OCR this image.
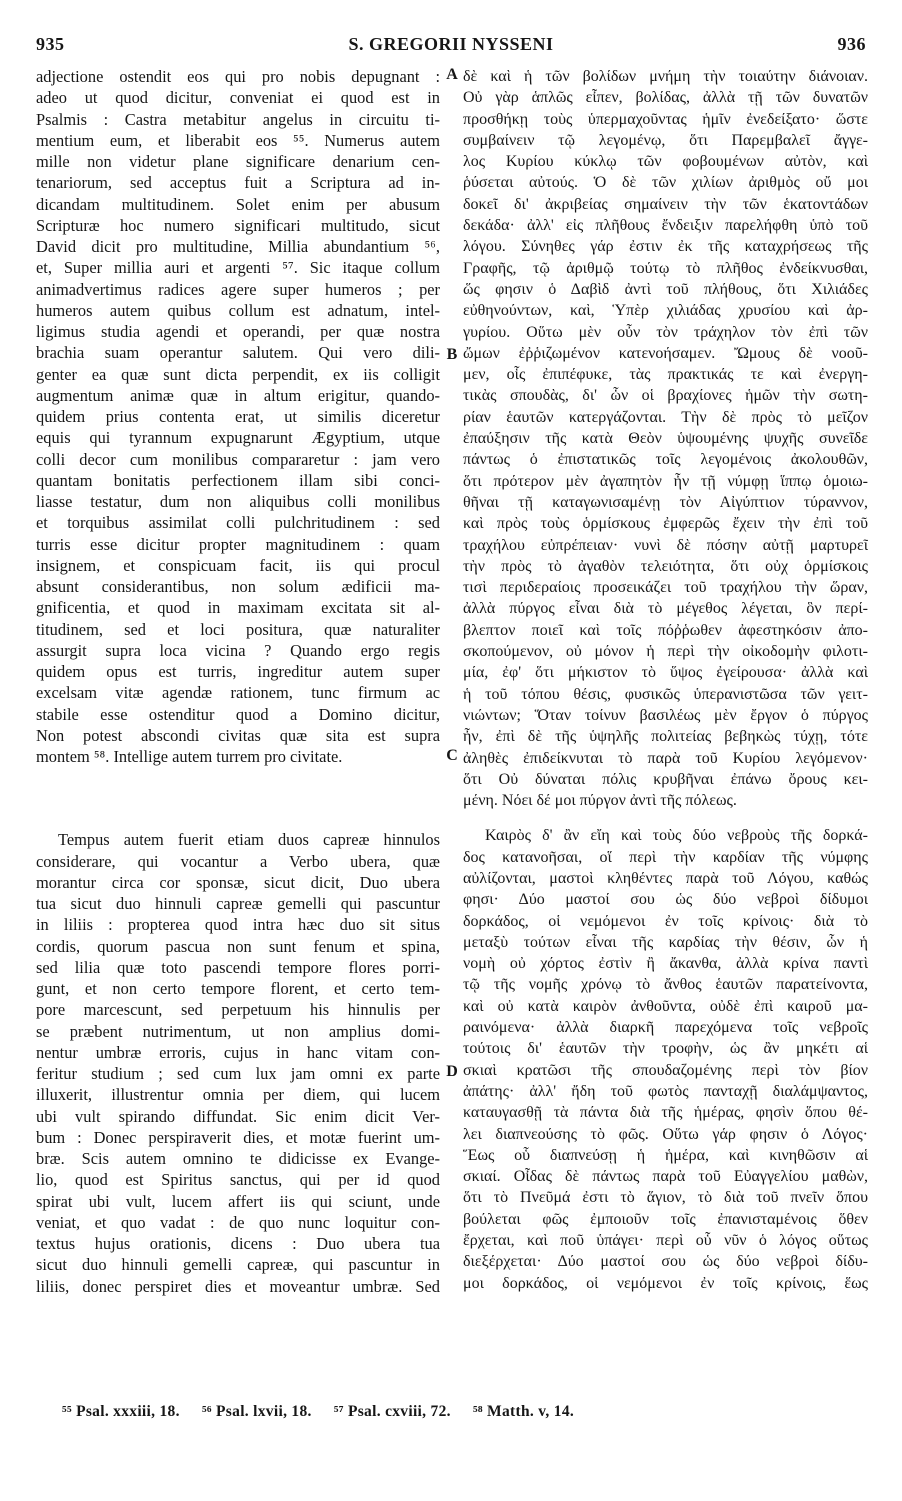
935	S. GREGORII NYSSENI	936
adjectione ostendit eos qui pro nobis depugnant :
adeo ut quod dicitur, conveniat ei quod est in
Psalmis : Castra metabitur angelus in circuitu ti-
mentium eum, et liberabit eos ⁵⁵. Numerus autem
mille non videtur plane significare denarium cen-
tenariorum, sed acceptus fuit a Scriptura ad in-
dicandam multitudinem. Solet enim per abusum
Scripturæ hoc numero significari multitudo, sicut
David dicit pro multitudine, Millia abundantium ⁵⁶,
et, Super millia auri et argenti ⁵⁷. Sic itaque collum
animadvertimus radices agere super humeros ; per
humeros autem quibus collum est adnatum, intel-
ligimus studia agendi et operandi, per quæ nostra
brachia suam operantur salutem. Qui vero dili-
genter ea quæ sunt dicta perpendit, ex iis colligit
augmentum animæ quæ in altum erigitur, quando-
quidem prius contenta erat, ut similis diceretur
equis qui tyrannum expugnarunt Ægyptium, utque
colli decor cum monilibus compararetur : jam vero
quantam bonitatis perfectionem illam sibi conci-
liasse testatur, dum non aliquibus colli monilibus
et torquibus assimilat colli pulchritudinem : sed
turris esse dicitur propter magnitudinem : quam
insignem, et conspicuam facit, iis qui procul
absunt considerantibus, non solum ædificii ma-
gnificentia, et quod in maximam excitata sit al-
titudinem, sed et loci positura, quæ naturaliter
assurgit supra loca vicina ? Quando ergo regis
quidem opus est turris, ingreditur autem super
excelsam vitæ agendæ rationem, tunc firmum ac
stabile esse ostenditur quod a Domino dicitur,
Non potest abscondi civitas quæ sita est supra
montem ⁵⁸. Intellige autem turrem pro civitate.
Tempus autem fuerit etiam duos capreæ hinnulos
considerare, qui vocantur a Verbo ubera, quæ
morantur circa cor sponsæ, sicut dicit, Duo ubera
tua sicut duo hinnuli capreæ gemelli qui pascuntur
in liliis : propterea quod intra hæc duo sit situs
cordis, quorum pascua non sunt fenum et spina,
sed lilia quæ toto pascendi tempore flores porri-
gunt, et non certo tempore florent, et certo tem-
pore marcescunt, sed perpetuum his hinnulis per
se præbent nutrimentum, ut non amplius domi-
nentur umbræ erroris, cujus in hanc vitam con-
feritur studium ; sed cum lux jam omni ex parte
illuxerit, illustrentur omnia per diem, qui lucem
ubi vult spirando diffundat. Sic enim dicit Ver-
bum : Donec perspiraverit dies, et motæ fuerint um-
bræ. Scis autem omnino te didicisse ex Evange-
lio, quod est Spiritus sanctus, qui per id quod
spirat ubi vult, lucem affert iis qui sciunt, unde
veniat, et quo vadat : de quo nunc loquitur con-
textus hujus orationis, dicens : Duo ubera tua
sicut duo hinnuli gemelli capreæ, qui pascuntur in
liliis, donec perspiret dies et moveantur umbræ. Sed
δὲ καὶ ἡ τῶν βολίδων μνήμη τὴν τοιαύτην διάνοιαν.
Οὐ γὰρ ἁπλῶς εἶπεν, βολίδας, ἀλλὰ τῇ τῶν δυνατῶν
προσθήκῃ τοὺς ὑπερμαχοῦντας ἡμῖν ἐνεδείξατο· ὥστε
συμβαίνειν τῷ λεγομένῳ, ὅτι Παρεμβαλεῖ ἄγγε-
λος Κυρίου κύκλῳ τῶν φοβουμένων αὐτὸν, καὶ
ῥύσεται αὐτούς. Ὁ δὲ τῶν χιλίων ἀριθμὸς οὔ μοι
δοκεῖ δι' ἀκριβείας σημαίνειν τὴν τῶν ἑκατοντάδων
δεκάδα· ἀλλ' εἰς πλῆθους ἔνδειξιν παρελήφθη ὑπὸ τοῦ
λόγου. Σύνηθες γάρ ἐστιν ἐκ τῆς καταχρήσεως τῆς
Γραφῆς, τῷ ἀριθμῷ τούτῳ τὸ πλῆθος ἐνδείκνυσθαι,
ὥς φησιν ὁ Δαβὶδ ἀντὶ τοῦ πλήθους, ὅτι Χιλιάδες
εὐθηνούντων, καὶ, Ὑπὲρ χιλιάδας χρυσίου καὶ ἀρ-
γυρίου. Οὕτω μὲν οὖν τὸν τράχηλον τὸν ἐπὶ τῶν
ὤμων ἐῤῥιζωμένον κατενοήσαμεν. Ὤμους δὲ νοοῦ-
μεν, οἷς ἐπιπέφυκε, τὰς πρακτικάς τε καὶ ἐνεργη-
τικὰς σπουδὰς, δι' ὧν οἱ βραχίονες ἡμῶν τὴν σωτη-
ρίαν ἑαυτῶν κατεργάζονται. Τὴν δὲ πρὸς τὸ μεῖζον
ἐπαύξησιν τῆς κατὰ Θεὸν ὑψουμένης ψυχῆς συνεῖδε
πάντως ὁ ἐπιστατικῶς τοῖς λεγομένοις ἀκολουθῶν,
ὅτι πρότερον μὲν ἀγαπητὸν ἦν τῇ νύμφῃ ἵππῳ ὁμοιω-
θῆναι τῇ καταγωνισαμένῃ τὸν Αἰγύπτιον τύραννον,
καὶ πρὸς τοὺς ὁρμίσκους ἐμφερῶς ἔχειν τὴν ἐπὶ τοῦ
τραχήλου εὐπρέπειαν· νυνὶ δὲ πόσην αὐτῇ μαρτυρεῖ
τὴν πρὸς τὸ ἀγαθὸν τελειότητα, ὅτι οὐχ ὁρμίσκοις
τισὶ περιδεραίοις προσεικάζει τοῦ τραχήλου τὴν ὥραν,
ἀλλὰ πύργος εἶναι διὰ τὸ μέγεθος λέγεται, ὃν περί-
βλεπτον ποιεῖ καὶ τοῖς πόῤῥωθεν ἀφεστηκόσιν ἀπο-
σκοπούμενον, οὐ μόνον ἡ περὶ τὴν οἰκοδομὴν φιλοτι-
μία, ἐφ' ὅτι μήκιστον τὸ ὕψος ἐγείρουσα· ἀλλὰ καὶ
ἡ τοῦ τόπου θέσις, φυσικῶς ὑπερανιστῶσα τῶν γειτ-
νιώντων; Ὅταν τοίνυν βασιλέως μὲν ἔργον ὁ πύργος
ἦν, ἐπὶ δὲ τῆς ὑψηλῆς πολιτείας βεβηκὼς τύχῃ, τότε
ἀληθὲς ἐπιδείκνυται τὸ παρὰ τοῦ Κυρίου λεγόμενον·
ὅτι Οὐ δύναται πόλις κρυβῆναι ἐπάνω ὄρους κει-
μένη. Νόει δέ μοι πύργον ἀντὶ τῆς πόλεως.
Καιρὸς δ' ἂν εἴη καὶ τοὺς δύο νεβροὺς τῆς δορκά-
δος κατανοῆσαι, οἵ περὶ τὴν καρδίαν τῆς νύμφης
αὐλίζονται, μαστοὶ κληθέντες παρὰ τοῦ Λόγου, καθώς
φησι· Δύο μαστοί σου ὡς δύο νεβροὶ δίδυμοι
δορκάδος, οἱ νεμόμενοι ἐν τοῖς κρίνοις· διὰ τὸ
μεταξὺ τούτων εἶναι τῆς καρδίας τὴν θέσιν, ὧν ἡ
νομὴ οὐ χόρτος ἐστὶν ἢ ἄκανθα, ἀλλὰ κρίνα παντὶ
τῷ τῆς νομῆς χρόνῳ τὸ ἄνθος ἑαυτῶν παρατείνοντα,
καὶ οὐ κατὰ καιρὸν ἀνθοῦντα, οὐδὲ ἐπὶ καιροῦ μα-
ραινόμενα· ἀλλὰ διαρκῆ παρεχόμενα τοῖς νεβροῖς
τούτοις δι' ἑαυτῶν τὴν τροφὴν, ὡς ἂν μηκέτι αἱ
σκιαὶ κρατῶσι τῆς σπουδαζομένης περὶ τὸν βίον
ἀπάτης· ἀλλ' ἤδη τοῦ φωτὸς πανταχῇ διαλάμψαντος,
καταυγασθῇ τὰ πάντα διὰ τῆς ἡμέρας, φησὶν ὅπου θέ-
λει διαπνεούσης τὸ φῶς. Οὕτω γάρ φησιν ὁ Λόγος·
Ἕως οὗ διαπνεύσῃ ἡ ἡμέρα, καὶ κινηθῶσιν αἱ
σκιαί. Οἶδας δὲ πάντως παρὰ τοῦ Εὐαγγελίου μαθὼν,
ὅτι τὸ Πνεῦμά ἐστι τὸ ἅγιον, τὸ διὰ τοῦ πνεῖν ὅπου
βούλεται φῶς ἐμποιοῦν τοῖς ἐπανισταμένοις ὅθεν
ἔρχεται, καὶ ποῦ ὑπάγει· περὶ οὗ νῦν ὁ λόγος οὕτως
διεξέρχεται· Δύο μαστοί σου ὡς δύο νεβροὶ δίδυ-
μοι δορκάδος, οἱ νεμόμενοι ἐν τοῖς κρίνοις, ἕως
A
B
C
D
⁵⁵ Psal. xxxiii, 18. ⁵⁶ Psal. lxvii, 18. ⁵⁷ Psal. cxviii, 72. ⁵⁸ Matth. v, 14.
